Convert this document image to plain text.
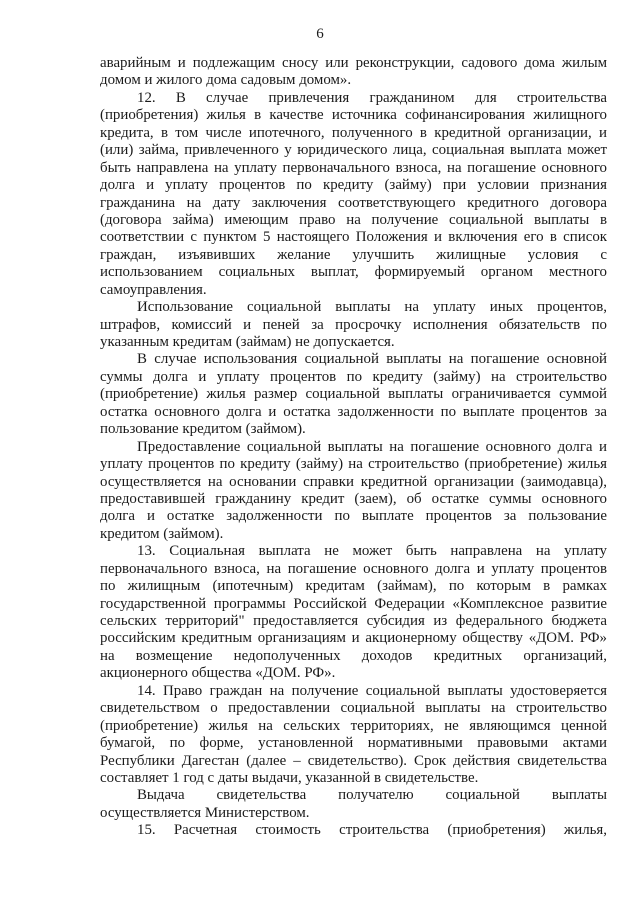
6
аварийным и подлежащим сносу или реконструкции, садового дома жилым
домом и жилого дома садовым домом».
12. В случае привлечения гражданином для строительства
(приобретения) жилья в качестве источника софинансирования жилищного
кредита, в том числе ипотечного, полученного в кредитной организации, и
(или) займа, привлеченного у юридического лица, социальная выплата может
быть направлена на уплату первоначального взноса, на погашение основного
долга и уплату процентов по кредиту (займу) при условии признания
гражданина на дату заключения соответствующего кредитного договора
(договора займа) имеющим право на получение социальной выплаты в
соответствии с пунктом 5 настоящего Положения и включения его в список
граждан, изъявивших желание улучшить жилищные условия с
использованием социальных выплат, формируемый органом местного
самоуправления.
Использование социальной выплаты на уплату иных процентов,
штрафов, комиссий и пеней за просрочку исполнения обязательств по
указанным кредитам (займам) не допускается.
В случае использования социальной выплаты на погашение основной
суммы долга и уплату процентов по кредиту (займу) на строительство
(приобретение) жилья размер социальной выплаты ограничивается суммой
остатка основного долга и остатка задолженности по выплате процентов за
пользование кредитом (займом).
Предоставление социальной выплаты на погашение основного долга и
уплату процентов по кредиту (займу) на строительство (приобретение) жилья
осуществляется на основании справки кредитной организации (заимодавца),
предоставившей гражданину кредит (заем), об остатке суммы основного
долга и остатке задолженности по выплате процентов за пользование
кредитом (займом).
13. Социальная выплата не может быть направлена на уплату
первоначального взноса, на погашение основного долга и уплату процентов
по жилищным (ипотечным) кредитам (займам), по которым в рамках
государственной программы Российской Федерации «Комплексное развитие
сельских территорий" предоставляется субсидия из федерального бюджета
российским кредитным организациям и акционерному обществу «ДОМ. РФ»
на возмещение недополученных доходов кредитных организаций,
акционерного общества «ДОМ. РФ».
14. Право граждан на получение социальной выплаты удостоверяется
свидетельством о предоставлении социальной выплаты на строительство
(приобретение) жилья на сельских территориях, не являющимся ценной
бумагой, по форме, установленной нормативными правовыми актами
Республики Дагестан (далее – свидетельство). Срок действия свидетельства
составляет 1 год с даты выдачи, указанной в свидетельстве.
Выдача свидетельства получателю социальной выплаты
осуществляется Министерством.
15. Расчетная стоимость строительства (приобретения) жилья,
